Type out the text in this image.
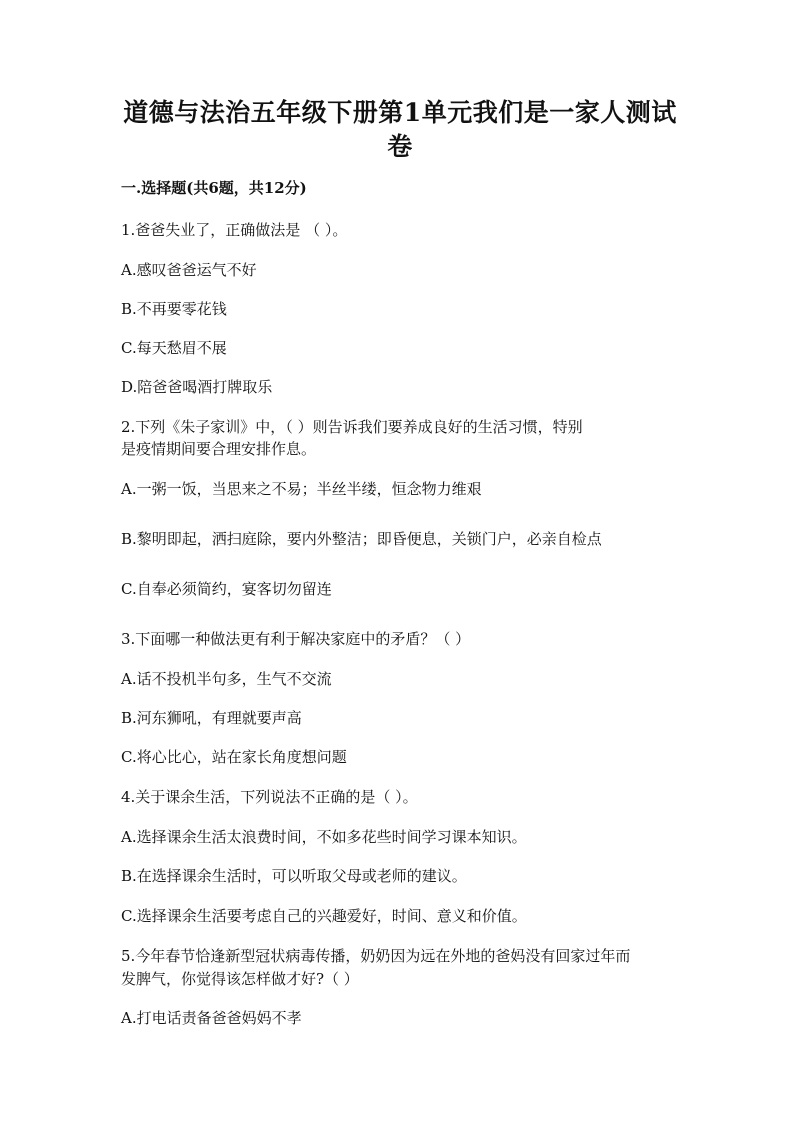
道德与法治五年级下册第1单元我们是一家人测试卷
一.选择题(共6题，共12分)
1.爸爸失业了，正确做法是 （ ）。
A.感叹爸爸运气不好
B.不再要零花钱
C.每天愁眉不展
D.陪爸爸喝酒打牌取乐
2.下列《朱子家训》中，（ ）则告诉我们要养成良好的生活习惯，特别
是疫情期间要合理安排作息。
A.一粥一饭，当思来之不易；半丝半缕，恒念物力维艰
B.黎明即起，洒扫庭除，要内外整洁；即昏便息，关锁门户，必亲自检点
C.自奉必须简约，宴客切勿留连
3.下面哪一种做法更有利于解决家庭中的矛盾？（ ）
A.话不投机半句多，生气不交流
B.河东狮吼，有理就要声高
C.将心比心，站在家长角度想问题
4.关于课余生活，下列说法不正确的是（ ）。
A.选择课余生活太浪费时间，不如多花些时间学习课本知识。
B.在选择课余生活时，可以听取父母或老师的建议。
C.选择课余生活要考虑自己的兴趣爱好，时间、意义和价值。
5.今年春节恰逢新型冠状病毒传播，奶奶因为远在外地的爸妈没有回家过年而
发脾气，你觉得该怎样做才好?（ ）
A.打电话责备爸爸妈妈不孝
